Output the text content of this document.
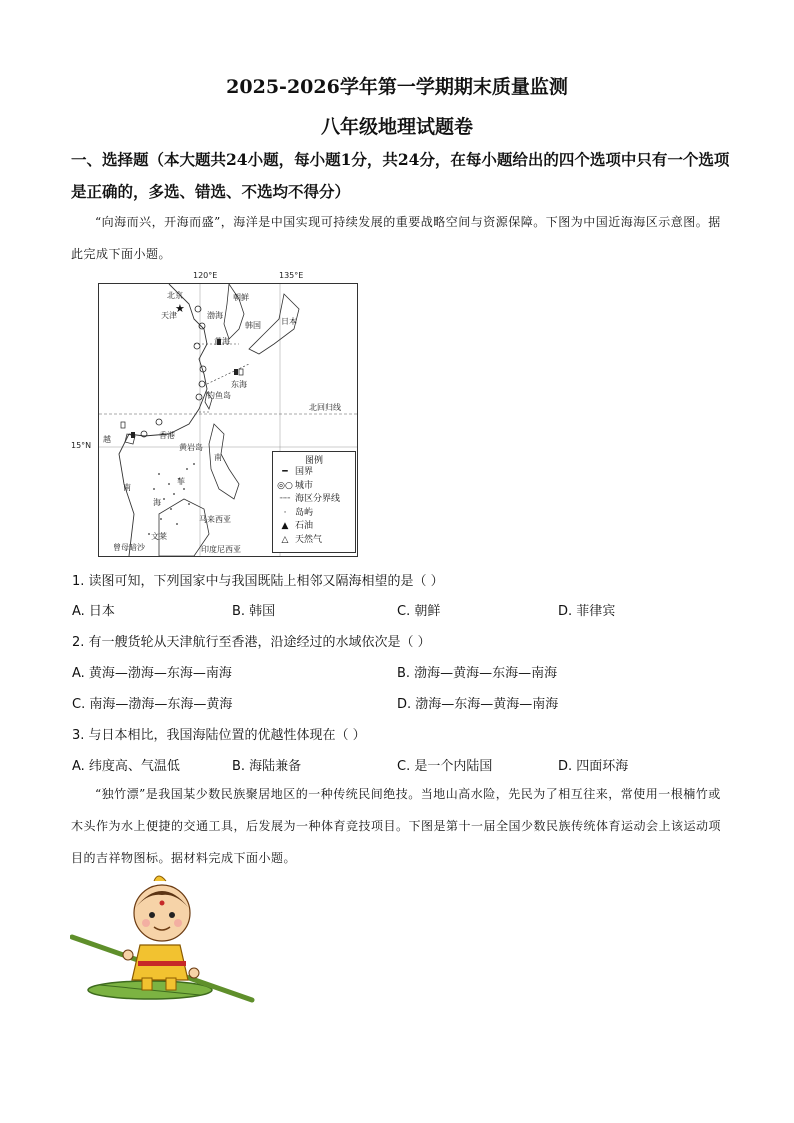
2025-2026学年第一学期期末质量监测
八年级地理试题卷
一、选择题（本大题共24小题，每小题1分，共24分，在每小题给出的四个选项中只有一个选项是正确的，多选、错选、不选均不得分）
“向海而兴，开海而盛”，海洋是中国实现可持续发展的重要战略空间与资源保障。下图为中国近海海区示意图。据此完成下面小题。
★
120°E	135°E
15°N
北回归线
北京
天津	渤海
朝鲜
韩国	日本
黄海
东海
钓鱼岛
香港
越
南
菲
黄岩岛
南
海
马来西亚
文莱
印度尼西亚
曾母暗沙
图例
━ 国界
◎○ 城市
┈┈ 海区分界线
· 岛屿
▲ 石油
△ 天然气
1. 读图可知，下列国家中与我国既陆上相邻又隔海相望的是（ ）
A. 日本	B. 韩国	C. 朝鲜	D. 菲律宾
2. 有一艘货轮从天津航行至香港，沿途经过的水域依次是（ ）
A. 黄海—渤海—东海—南海	B. 渤海—黄海—东海—南海
C. 南海—渤海—东海—黄海	D. 渤海—东海—黄海—南海
3. 与日本相比，我国海陆位置的优越性体现在（ ）
A. 纬度高、气温低	B. 海陆兼备	C. 是一个内陆国	D. 四面环海
“独竹漂”是我国某少数民族聚居地区的一种传统民间绝技。当地山高水险，先民为了相互往来，常使用一根楠竹或木头作为水上便捷的交通工具，后发展为一种体育竞技项目。下图是第十一届全国少数民族传统体育运动会上该运动项目的吉祥物图标。据材料完成下面小题。
